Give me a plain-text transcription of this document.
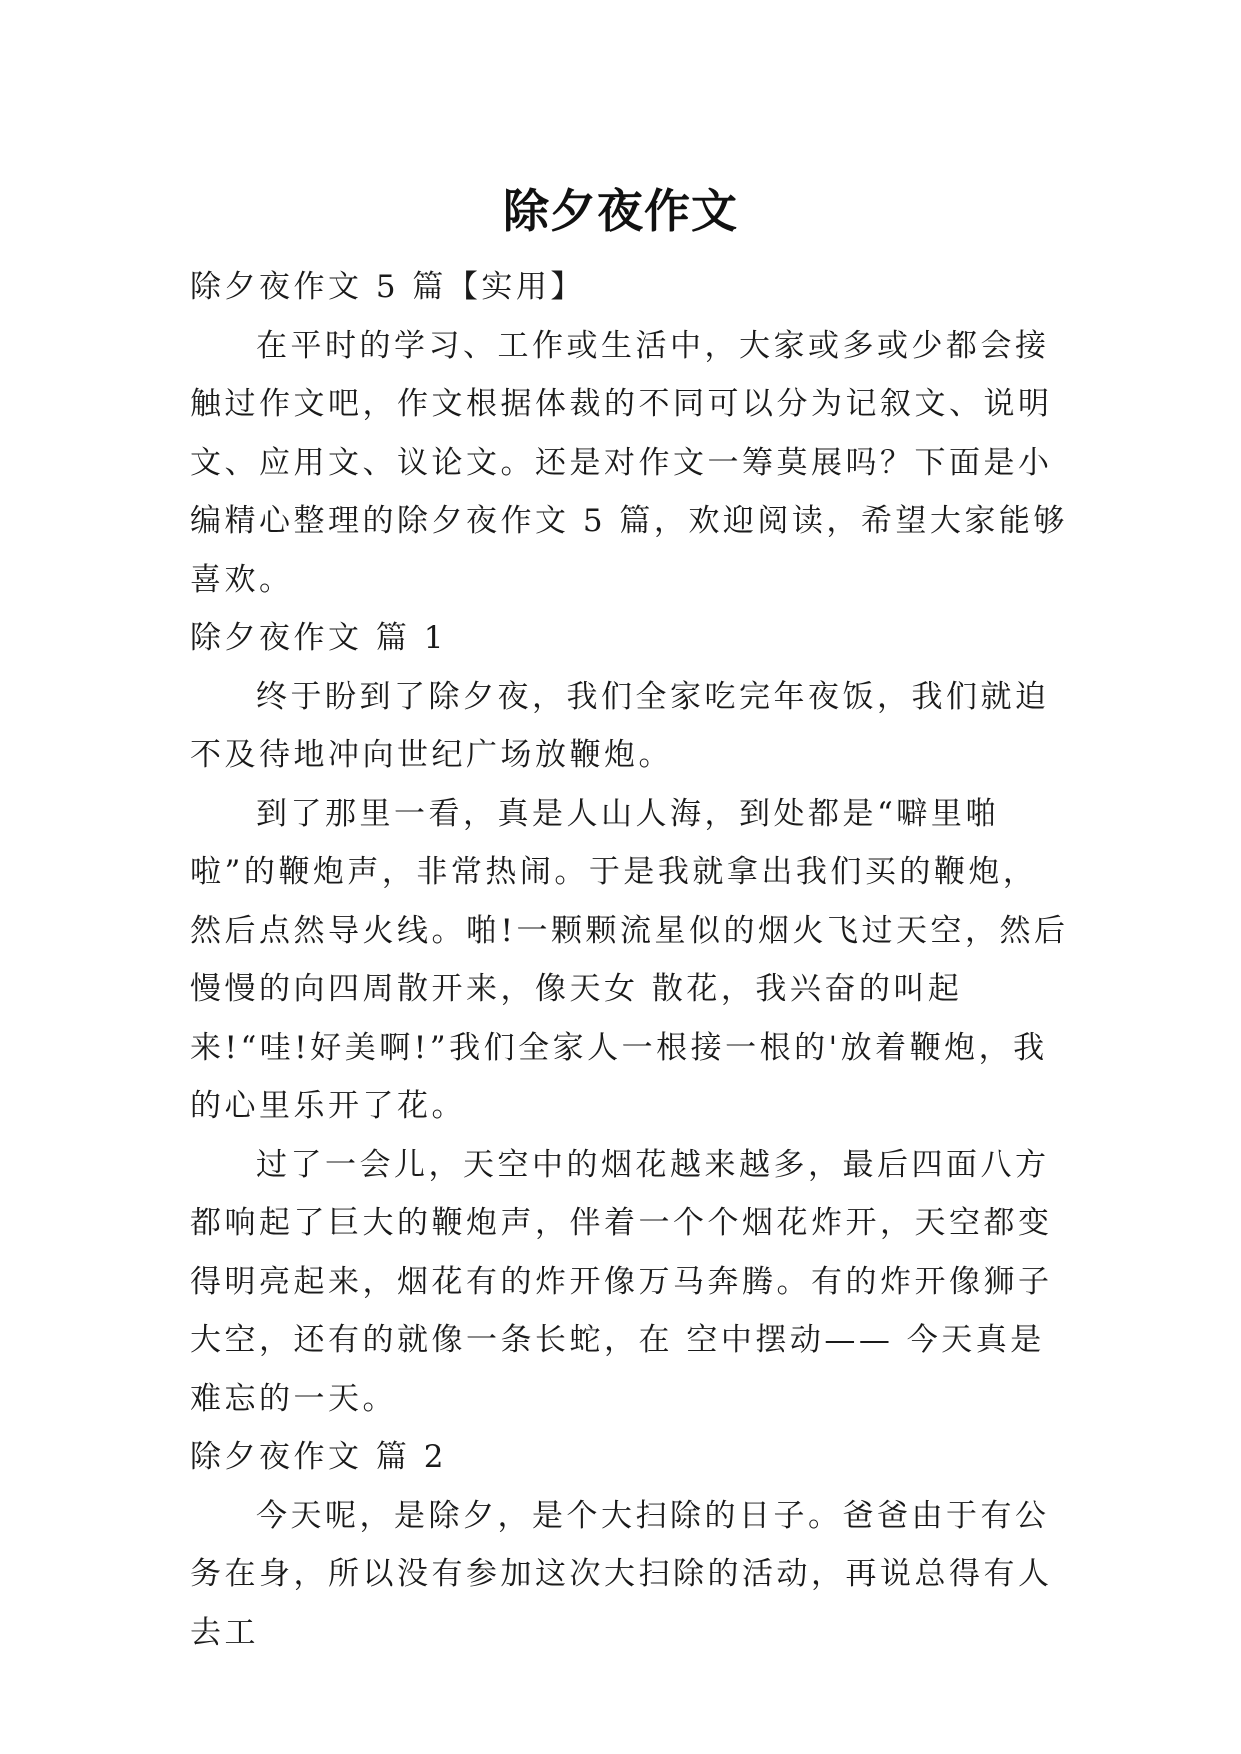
除夕夜作文

除夕夜作文 5 篇【实用】

在平时的学习、工作或生活中，大家或多或少都会接触过作文吧，作文根据体裁的不同可以分为记叙文、说明文、应用文、议论文。还是对作文一筹莫展吗？下面是小编精心整理的除夕夜作文 5 篇，欢迎阅读，希望大家能够喜欢。

除夕夜作文 篇 1

终于盼到了除夕夜，我们全家吃完年夜饭，我们就迫不及待地冲向世纪广场放鞭炮。

到了那里一看，真是人山人海，到处都是“噼里啪啦”的鞭炮声，非常热闹。于是我就拿出我们买的鞭炮，然后点然导火线。啪!一颗颗流星似的烟火飞过天空，然后慢慢的向四周散开来，像天女 散花，我兴奋的叫起来!“哇!好美啊!”我们全家人一根接一根的'放着鞭炮，我的心里乐开了花。

过了一会儿，天空中的烟花越来越多，最后四面八方都响起了巨大的鞭炮声，伴着一个个烟花炸开，天空都变得明亮起来，烟花有的炸开像万马奔腾。有的炸开像狮子大空，还有的就像一条长蛇，在 空中摆动—— 今天真是难忘的一天。

除夕夜作文 篇 2

今天呢，是除夕，是个大扫除的日子。爸爸由于有公务在身，所以没有参加这次大扫除的活动，再说总得有人去工
